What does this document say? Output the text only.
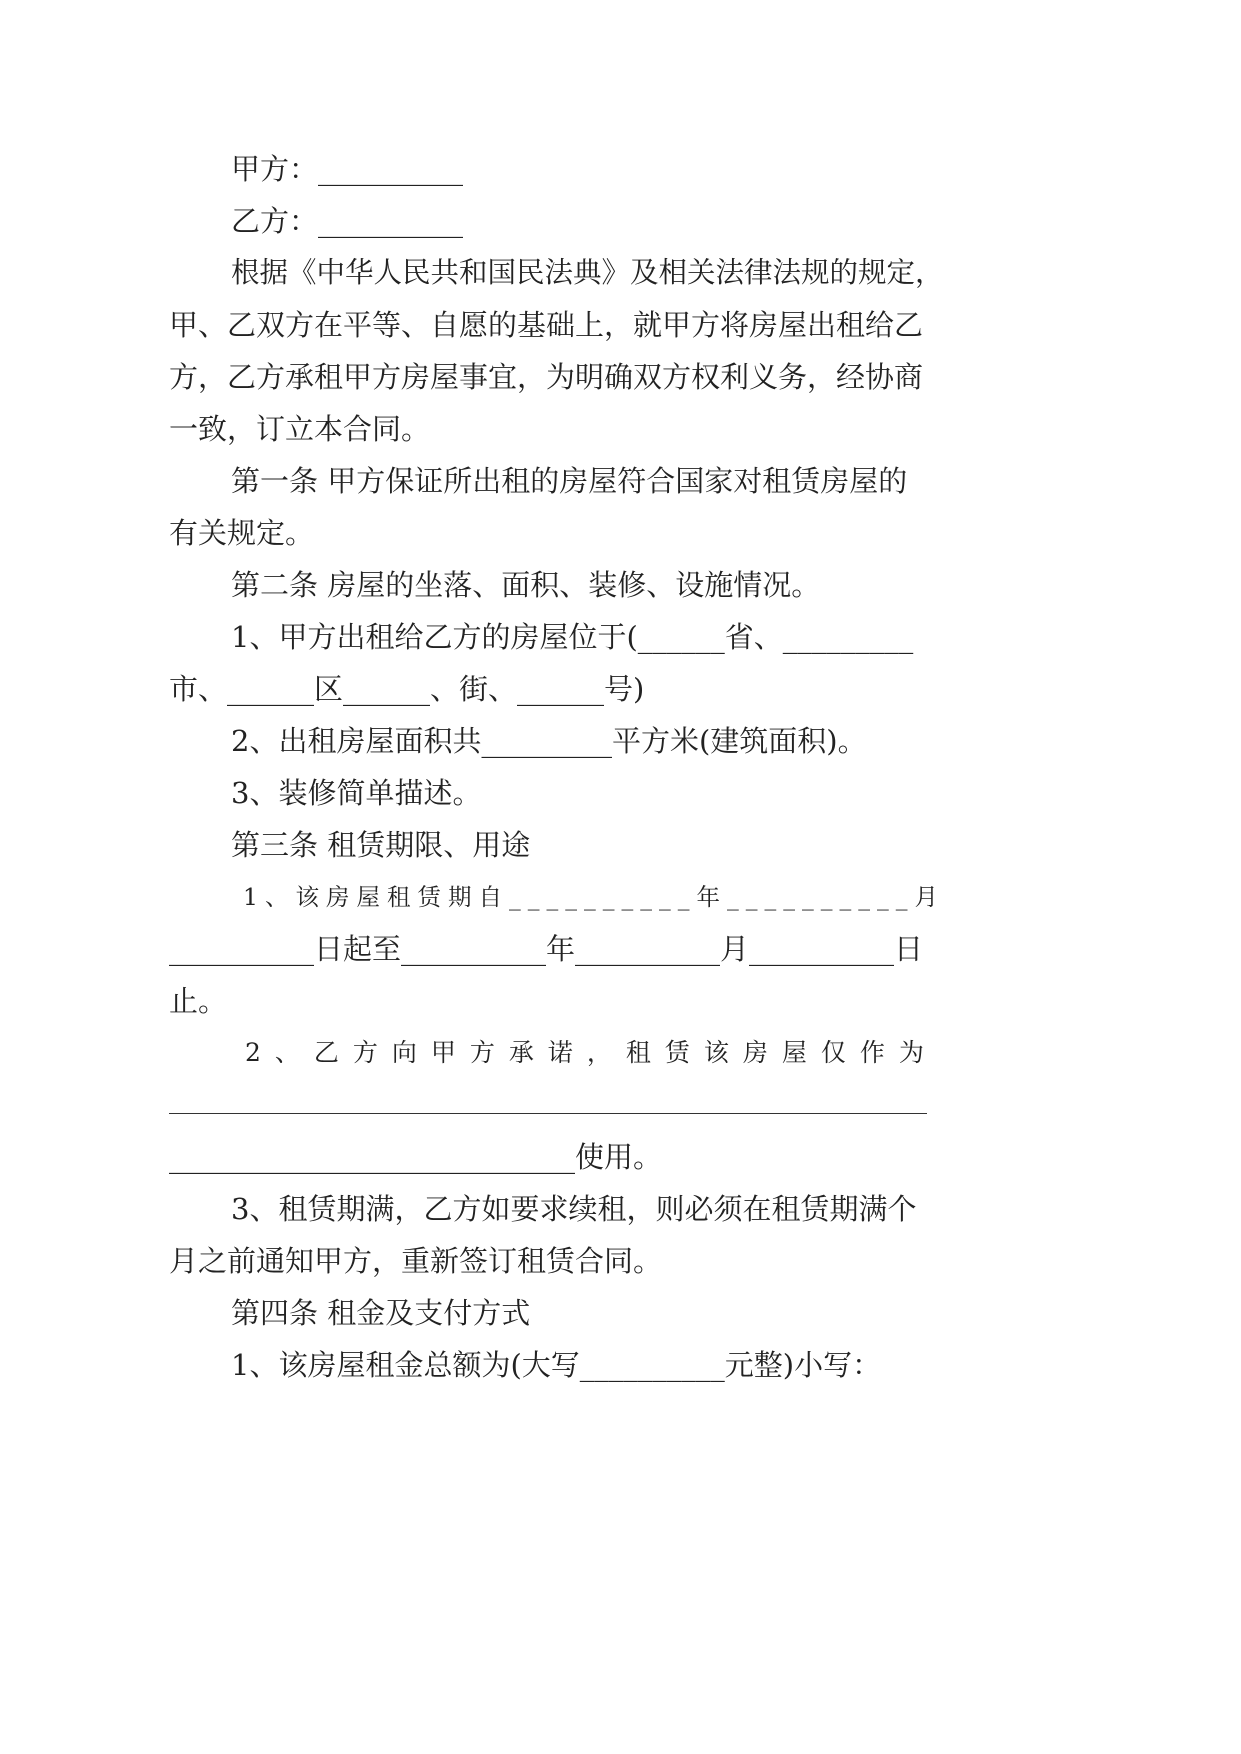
甲方：__________

乙方：__________

根据《中华人民共和国民法典》及相关法律法规的规定，

甲、乙双方在平等、自愿的基础上，就甲方将房屋出租给乙

方，乙方承租甲方房屋事宜，为明确双方权利义务，经协商

一致，订立本合同。

第一条 甲方保证所出租的房屋符合国家对租赁房屋的

有关规定。

第二条 房屋的坐落、面积、装修、设施情况。

1、甲方出租给乙方的房屋位于(______省、_________

市、______区______、街、______号)

2、出租房屋面积共_________平方米(建筑面积)。

3、装修简单描述。

第三条 租赁期限、用途

1、该房屋租赁期自__________年__________月

__________日起至__________年__________月__________日

止。

2、乙方向甲方承诺，租赁该房屋仅作为

____________________________使用。

3、租赁期满，乙方如要求续租，则必须在租赁期满个

月之前通知甲方，重新签订租赁合同。

第四条 租金及支付方式

1、该房屋租金总额为(大写__________元整)小写：
